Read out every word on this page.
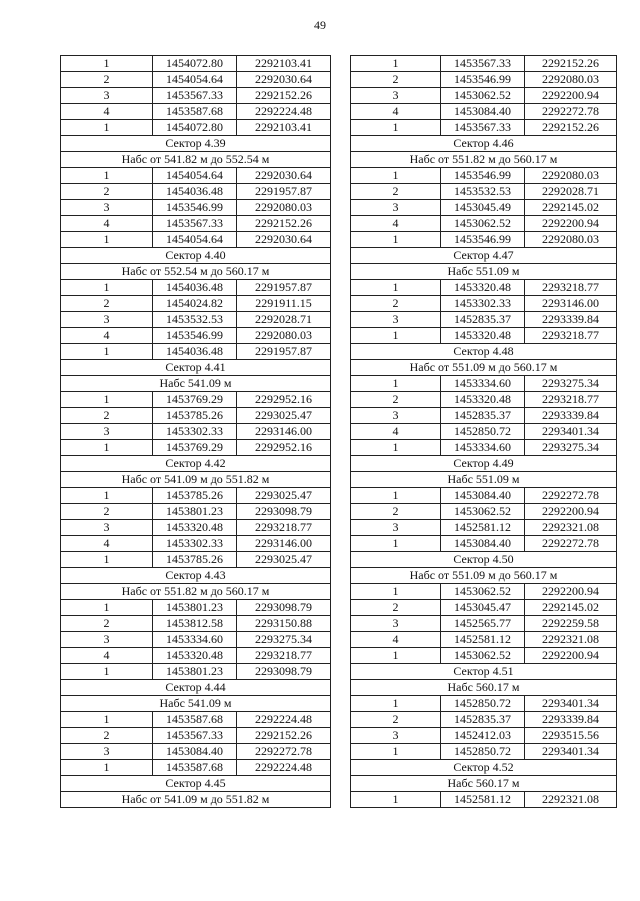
49
1	1454072.80	2292103.41
2	1454054.64	2292030.64
3	1453567.33	2292152.26
4	1453587.68	2292224.48
1	1454072.80	2292103.41
Сектор 4.39		
Набс от 541.82 м до 552.54 м		
1	1454054.64	2292030.64
2	1454036.48	2291957.87
3	1453546.99	2292080.03
4	1453567.33	2292152.26
1	1454054.64	2292030.64
Сектор 4.40		
Набс от 552.54 м до 560.17 м		
1	1454036.48	2291957.87
2	1454024.82	2291911.15
3	1453532.53	2292028.71
4	1453546.99	2292080.03
1	1454036.48	2291957.87
Сектор 4.41		
Набс 541.09 м		
1	1453769.29	2292952.16
2	1453785.26	2293025.47
3	1453302.33	2293146.00
1	1453769.29	2292952.16
Сектор 4.42		
Набс от 541.09 м до 551.82 м		
1	1453785.26	2293025.47
2	1453801.23	2293098.79
3	1453320.48	2293218.77
4	1453302.33	2293146.00
1	1453785.26	2293025.47
Сектор 4.43		
Набс от 551.82 м до 560.17 м		
1	1453801.23	2293098.79
2	1453812.58	2293150.88
3	1453334.60	2293275.34
4	1453320.48	2293218.77
1	1453801.23	2293098.79
Сектор 4.44		
Набс 541.09 м		
1	1453587.68	2292224.48
2	1453567.33	2292152.26
3	1453084.40	2292272.78
1	1453587.68	2292224.48
Сектор 4.45		
Набс от 541.09 м до 551.82 м		
1	1453567.33	2292152.26
2	1453546.99	2292080.03
3	1453062.52	2292200.94
4	1453084.40	2292272.78
1	1453567.33	2292152.26
Сектор 4.46		
Набс от 551.82 м до 560.17 м		
1	1453546.99	2292080.03
2	1453532.53	2292028.71
3	1453045.49	2292145.02
4	1453062.52	2292200.94
1	1453546.99	2292080.03
Сектор 4.47		
Набс 551.09 м		
1	1453320.48	2293218.77
2	1453302.33	2293146.00
3	1452835.37	2293339.84
1	1453320.48	2293218.77
Сектор 4.48		
Набс от 551.09 м до 560.17 м		
1	1453334.60	2293275.34
2	1453320.48	2293218.77
3	1452835.37	2293339.84
4	1452850.72	2293401.34
1	1453334.60	2293275.34
Сектор 4.49		
Набс 551.09 м		
1	1453084.40	2292272.78
2	1453062.52	2292200.94
3	1452581.12	2292321.08
1	1453084.40	2292272.78
Сектор 4.50		
Набс от 551.09 м до 560.17 м		
1	1453062.52	2292200.94
2	1453045.47	2292145.02
3	1452565.77	2292259.58
4	1452581.12	2292321.08
1	1453062.52	2292200.94
Сектор 4.51		
Набс 560.17 м		
1	1452850.72	2293401.34
2	1452835.37	2293339.84
3	1452412.03	2293515.56
1	1452850.72	2293401.34
Сектор 4.52		
Набс 560.17 м		
1	1452581.12	2292321.08
